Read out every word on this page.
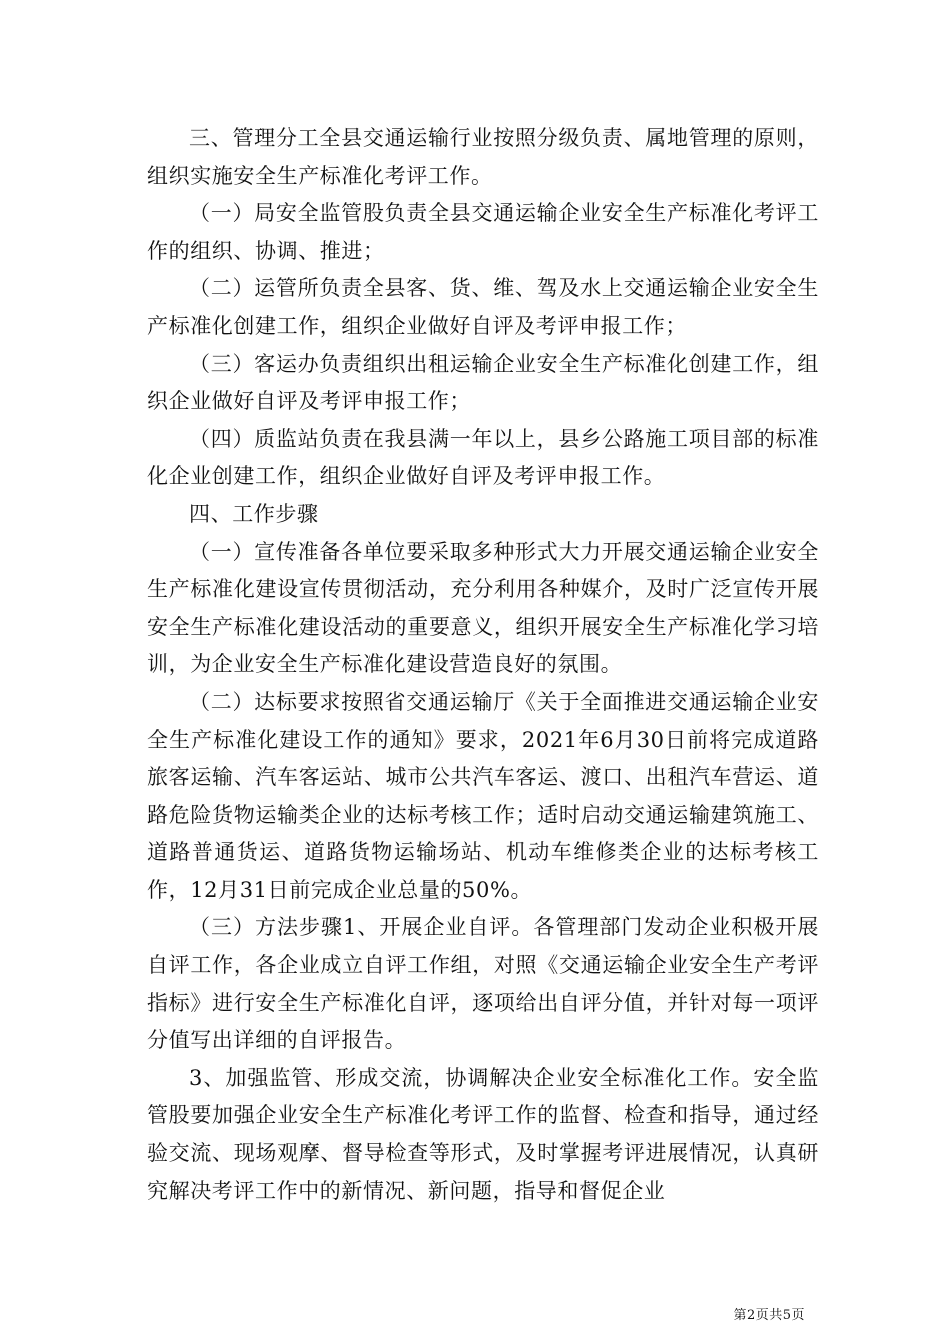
三、管理分工全县交通运输行业按照分级负责、属地管理的原则，组织实施安全生产标准化考评工作。

（一）局安全监管股负责全县交通运输企业安全生产标准化考评工作的组织、协调、推进；

（二）运管所负责全县客、货、维、驾及水上交通运输企业安全生产标准化创建工作，组织企业做好自评及考评申报工作；

（三）客运办负责组织出租运输企业安全生产标准化创建工作，组织企业做好自评及考评申报工作；

（四）质监站负责在我县满一年以上，县乡公路施工项目部的标准化企业创建工作，组织企业做好自评及考评申报工作。

四、工作步骤

（一）宣传准备各单位要采取多种形式大力开展交通运输企业安全生产标准化建设宣传贯彻活动，充分利用各种媒介，及时广泛宣传开展安全生产标准化建设活动的重要意义，组织开展安全生产标准化学习培训，为企业安全生产标准化建设营造良好的氛围。

（二）达标要求按照省交通运输厅《关于全面推进交通运输企业安全生产标准化建设工作的通知》要求，2021年6月30日前将完成道路旅客运输、汽车客运站、城市公共汽车客运、渡口、出租汽车营运、道路危险货物运输类企业的达标考核工作；适时启动交通运输建筑施工、道路普通货运、道路货物运输场站、机动车维修类企业的达标考核工作，12月31日前完成企业总量的50%。

（三）方法步骤1、开展企业自评。各管理部门发动企业积极开展自评工作，各企业成立自评工作组，对照《交通运输企业安全生产考评指标》进行安全生产标准化自评，逐项给出自评分值，并针对每一项评分值写出详细的自评报告。

3、加强监管、形成交流，协调解决企业安全标准化工作。安全监管股要加强企业安全生产标准化考评工作的监督、检查和指导，通过经验交流、现场观摩、督导检查等形式，及时掌握考评进展情况，认真研究解决考评工作中的新情况、新问题，指导和督促企业

第2页共5页
